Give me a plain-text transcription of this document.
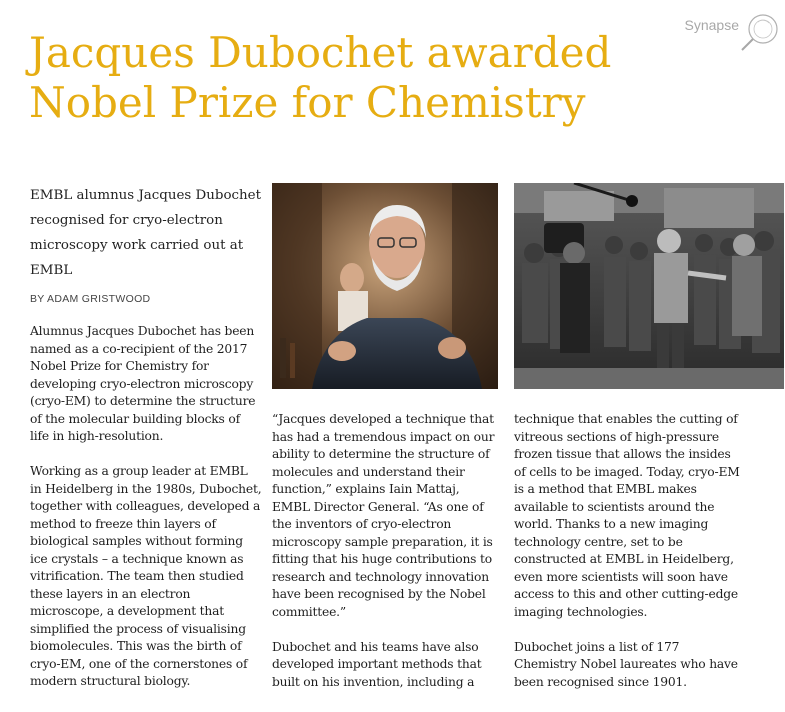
Synapse
Jacques Dubochet awarded
Nobel Prize for Chemistry

EMBL alumnus Jacques Dubochet recognised for cryo-electron microscopy work carried out at EMBL

BY ADAM GRISTWOOD

Alumnus Jacques Dubochet has been named as a co-recipient of the 2017 Nobel Prize for Chemistry for developing cryo-electron microscopy (cryo-EM) to determine the structure of the molecular building blocks of life in high-resolution.

Working as a group leader at EMBL in Heidelberg in the 1980s, Dubochet, together with colleagues, developed a method to freeze thin layers of biological samples without forming ice crystals – a technique known as vitrification. The team then studied these layers in an electron microscope, a development that simplified the process of visualising biomolecules. This was the birth of cryo-EM, one of the cornerstones of modern structural biology.

“Jacques developed a technique that has had a tremendous impact on our ability to determine the structure of molecules and understand their function,” explains Iain Mattaj, EMBL Director General. “As one of the inventors of cryo-electron microscopy sample preparation, it is fitting that his huge contributions to research and technology innovation have been recognised by the Nobel committee.”

Dubochet and his teams have also developed important methods that built on his invention, including a

technique that enables the cutting of vitreous sections of high-pressure frozen tissue that allows the insides of cells to be imaged. Today, cryo-EM is a method that EMBL makes available to scientists around the world. Thanks to a new imaging technology centre, set to be constructed at EMBL in Heidelberg, even more scientists will soon have access to this and other cutting-edge imaging technologies.

Dubochet joins a list of 177 Chemistry Nobel laureates who have been recognised since 1901.
